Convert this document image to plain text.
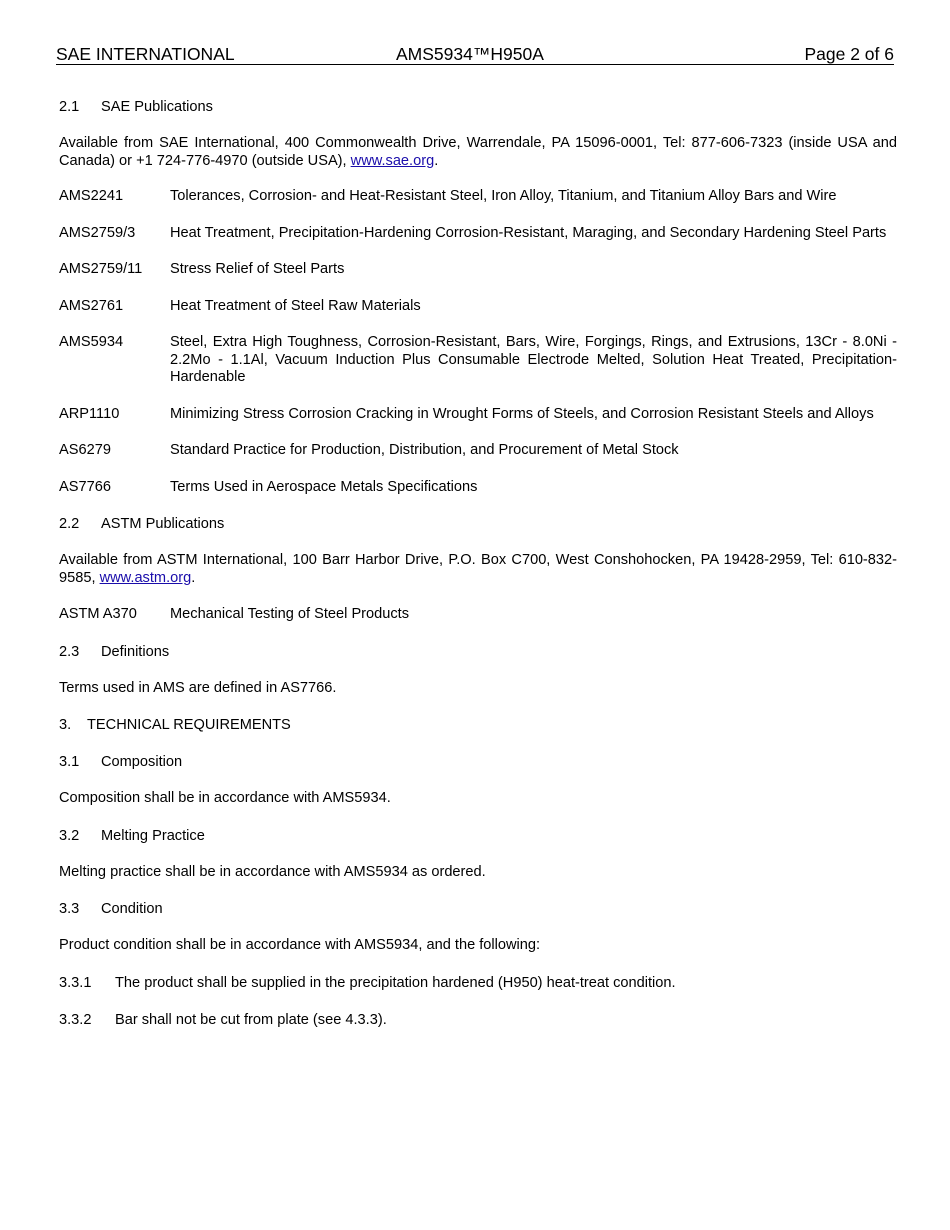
SAE INTERNATIONAL	AMS5934™H950A	Page 2 of 6
2.1 SAE Publications

Available from SAE International, 400 Commonwealth Drive, Warrendale, PA 15096-0001, Tel: 877-606-7323 (inside USA and Canada) or +1 724-776-4970 (outside USA), www.sae.org.

AMS2241	Tolerances, Corrosion- and Heat-Resistant Steel, Iron Alloy, Titanium, and Titanium Alloy Bars and Wire
AMS2759/3	Heat Treatment, Precipitation-Hardening Corrosion-Resistant, Maraging, and Secondary Hardening Steel Parts
AMS2759/11	Stress Relief of Steel Parts
AMS2761	Heat Treatment of Steel Raw Materials
AMS5934	Steel, Extra High Toughness, Corrosion-Resistant, Bars, Wire, Forgings, Rings, and Extrusions, 13Cr - 8.0Ni - 2.2Mo - 1.1Al, Vacuum Induction Plus Consumable Electrode Melted, Solution Heat Treated, Precipitation-Hardenable
ARP1110	Minimizing Stress Corrosion Cracking in Wrought Forms of Steels, and Corrosion Resistant Steels and Alloys
AS6279	Standard Practice for Production, Distribution, and Procurement of Metal Stock
AS7766	Terms Used in Aerospace Metals Specifications
2.2 ASTM Publications

Available from ASTM International, 100 Barr Harbor Drive, P.O. Box C700, West Conshohocken, PA 19428-2959, Tel: 610-832-9585, www.astm.org.

ASTM A370	Mechanical Testing of Steel Products
2.3 Definitions

Terms used in AMS are defined in AS7766.

3. TECHNICAL REQUIREMENTS
3.1 Composition

Composition shall be in accordance with AMS5934.

3.2 Melting Practice

Melting practice shall be in accordance with AMS5934 as ordered.

3.3 Condition

Product condition shall be in accordance with AMS5934, and the following:

3.3.1 The product shall be supplied in the precipitation hardened (H950) heat-treat condition.
3.3.2 Bar shall not be cut from plate (see 4.3.3).
